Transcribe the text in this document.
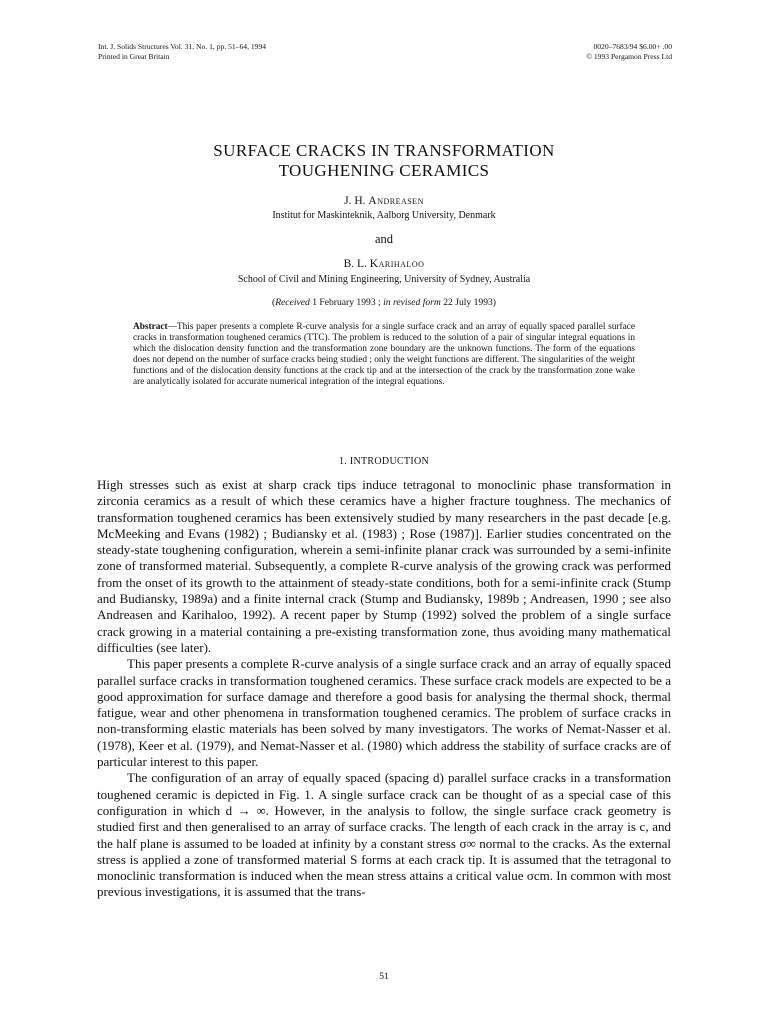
Int. J. Solids Structures Vol. 31, No. 1, pp. 51–64, 1994
Printed in Great Britain
0020–7683/94 $6.00+ .00
© 1993 Pergamon Press Ltd
SURFACE CRACKS IN TRANSFORMATION
TOUGHENING CERAMICS
J. H. Andreasen
Institut for Maskinteknik, Aalborg University, Denmark
and
B. L. Karihaloo
School of Civil and Mining Engineering, University of Sydney, Australia
(Received 1 February 1993 ; in revised form 22 July 1993)
Abstract—This paper presents a complete R-curve analysis for a single surface crack and an array of equally spaced parallel surface cracks in transformation toughened ceramics (TTC). The problem is reduced to the solution of a pair of singular integral equations in which the dislocation density function and the transformation zone boundary are the unknown functions. The form of the equations does not depend on the number of surface cracks being studied ; only the weight functions are different. The singularities of the weight functions and of the dislocation density functions at the crack tip and at the intersection of the crack by the transformation zone wake are analytically isolated for accurate numerical integration of the integral equations.
1. INTRODUCTION

High stresses such as exist at sharp crack tips induce tetragonal to monoclinic phase transformation in zirconia ceramics as a result of which these ceramics have a higher fracture toughness. The mechanics of transformation toughened ceramics has been extensively studied by many researchers in the past decade [e.g. McMeeking and Evans (1982) ; Budiansky et al. (1983) ; Rose (1987)]. Earlier studies concentrated on the steady-state toughening configuration, wherein a semi-infinite planar crack was surrounded by a semi-infinite zone of transformed material. Subsequently, a complete R-curve analysis of the growing crack was performed from the onset of its growth to the attainment of steady-state conditions, both for a semi-infinite crack (Stump and Budiansky, 1989a) and a finite internal crack (Stump and Budiansky, 1989b ; Andreasen, 1990 ; see also Andreasen and Karihaloo, 1992). A recent paper by Stump (1992) solved the problem of a single surface crack growing in a material containing a pre-existing transformation zone, thus avoiding many mathematical difficulties (see later).

This paper presents a complete R-curve analysis of a single surface crack and an array of equally spaced parallel surface cracks in transformation toughened ceramics. These surface crack models are expected to be a good approximation for surface damage and therefore a good basis for analysing the thermal shock, thermal fatigue, wear and other phenomena in transformation toughened ceramics. The problem of surface cracks in non-transforming elastic materials has been solved by many investigators. The works of Nemat-Nasser et al. (1978), Keer et al. (1979), and Nemat-Nasser et al. (1980) which address the stability of surface cracks are of particular interest to this paper.

The configuration of an array of equally spaced (spacing d) parallel surface cracks in a transformation toughened ceramic is depicted in Fig. 1. A single surface crack can be thought of as a special case of this configuration in which d → ∞. However, in the analysis to follow, the single surface crack geometry is studied first and then generalised to an array of surface cracks. The length of each crack in the array is c, and the half plane is assumed to be loaded at infinity by a constant stress σ∞ normal to the cracks. As the external stress is applied a zone of transformed material S forms at each crack tip. It is assumed that the tetragonal to monoclinic transformation is induced when the mean stress attains a critical value σcm. In common with most previous investigations, it is assumed that the trans-

51
